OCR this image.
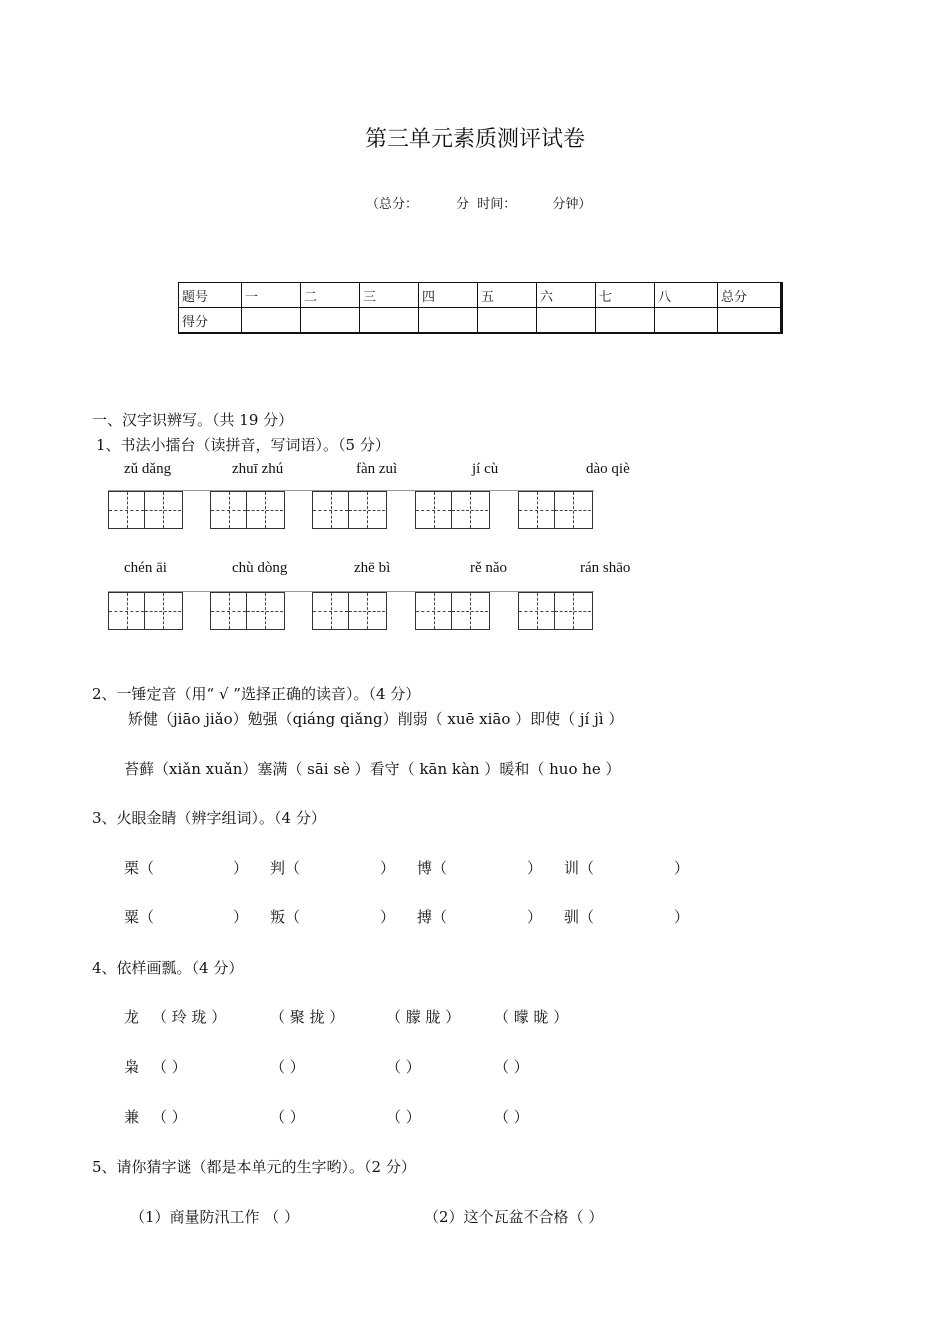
第三单元素质测评试卷
（总分：	分 时间：	分钟）
题号	一	二	三	四	五	六	七	八	总分
得分									
一、汉字识辨写。（共 19 分）
1、书法小擂台（读拼音，写词语）。（5 分）
zǔ dǎng	zhuī zhú	fàn zuì	jí cù	dào qiè
chén āi	chù dòng	zhē bì	rě nǎo	rán shāo
2、一锤定音（用“ √ ”选择正确的读音）。（4 分）
矫健（jiāo jiǎo）勉强（qiáng qiǎng）削弱（ xuē xiāo ）即使（ jí jì ）
苔藓（xiǎn xuǎn）塞满（ sāi sè ）看守（ kān kàn ）暖和（ huo he ）
3、火眼金睛（辨字组词）。（4 分）
栗（	） 判（	） 博（	） 训（	）
粟（	） 叛（	） 搏（	） 驯（	）
4、依样画瓢。（4 分）
龙 （ 玲 珑 ）	（ 聚 拢 ）	（ 朦 胧 ） （ 曚 昽 ）
枭 （ ）	（ ）	（ ）	（ ）
兼 （ ）	（ ）	（ ）	（ ）
5、请你猜字谜（都是本单元的生字哟）。（2 分）
（1）商量防汛工作 （ ）	（2）这个瓦盆不合格（ ）
